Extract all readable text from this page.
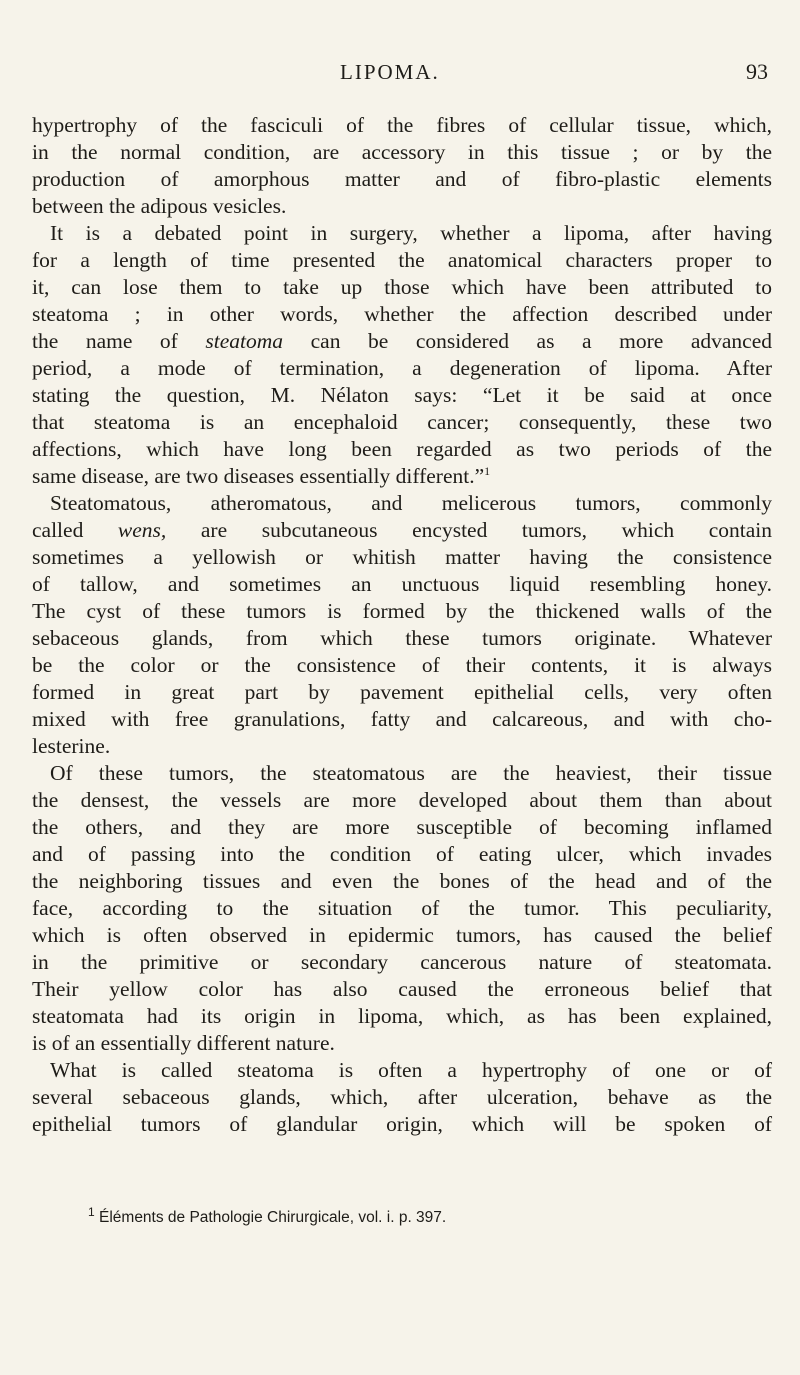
LIPOMA.	93
hypertrophy of the fasciculi of the fibres of cellular tissue, which,
in the normal condition, are accessory in this tissue ; or by the
production of amorphous matter and of fibro-plastic elements
between the adipous vesicles.
It is a debated point in surgery, whether a lipoma, after having
for a length of time presented the anatomical characters proper to
it, can lose them to take up those which have been attributed to
steatoma ; in other words, whether the affection described under
the name of steatoma can be considered as a more advanced
period, a mode of termination, a degeneration of lipoma. After
stating the question, M. Nélaton says: “Let it be said at once
that steatoma is an encephaloid cancer; consequently, these two
affections, which have long been regarded as two periods of the
same disease, are two diseases essentially different.”$^1$
Steatomatous, atheromatous, and melicerous tumors, commonly
called wens, are subcutaneous encysted tumors, which contain
sometimes a yellowish or whitish matter having the consistence
of tallow, and sometimes an unctuous liquid resembling honey.
The cyst of these tumors is formed by the thickened walls of the
sebaceous glands, from which these tumors originate. Whatever
be the color or the consistence of their contents, it is always
formed in great part by pavement epithelial cells, very often
mixed with free granulations, fatty and calcareous, and with cho-
lesterine.
Of these tumors, the steatomatous are the heaviest, their tissue
the densest, the vessels are more developed about them than about
the others, and they are more susceptible of becoming inflamed
and of passing into the condition of eating ulcer, which invades
the neighboring tissues and even the bones of the head and of the
face, according to the situation of the tumor. This peculiarity,
which is often observed in epidermic tumors, has caused the belief
in the primitive or secondary cancerous nature of steatomata.
Their yellow color has also caused the erroneous belief that
steatomata had its origin in lipoma, which, as has been explained,
is of an essentially different nature.
What is called steatoma is often a hypertrophy of one or of
several sebaceous glands, which, after ulceration, behave as the
epithelial tumors of glandular origin, which will be spoken of
$^1$ Éléments de Pathologie Chirurgicale, vol. i. p. 397.
